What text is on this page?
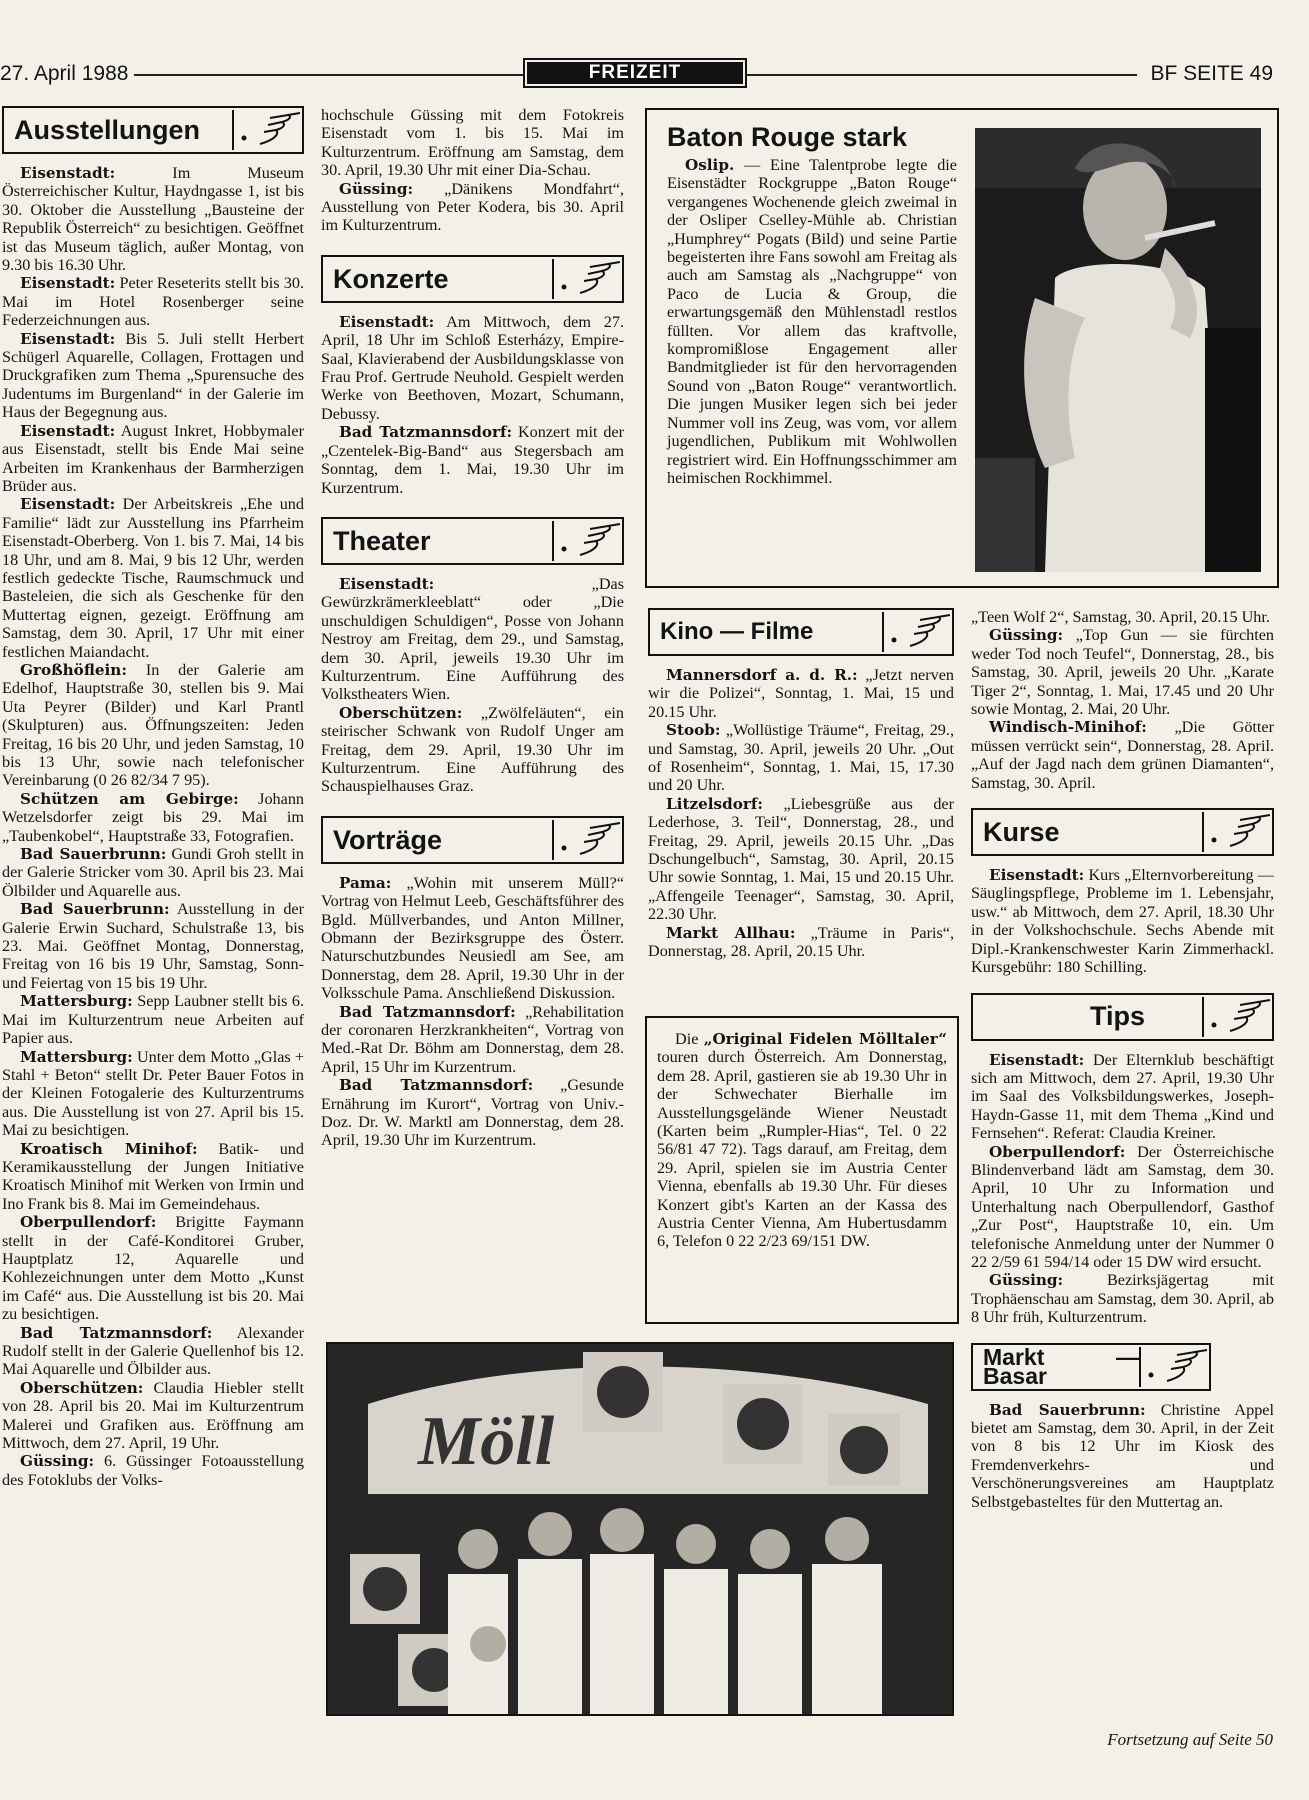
27. April 1988	FREIZEIT	BF SEITE 49
Ausstellungen

Eisenstadt: Im Museum Österreichischer Kultur, Haydngasse 1, ist bis 30. Oktober die Ausstellung „Bausteine der Republik Österreich“ zu besichtigen. Geöffnet ist das Museum täglich, außer Montag, von 9.30 bis 16.30 Uhr.

Eisenstadt: Peter Reseterits stellt bis 30. Mai im Hotel Rosenberger seine Federzeichnungen aus.

Eisenstadt: Bis 5. Juli stellt Herbert Schügerl Aquarelle, Collagen, Frottagen und Druckgrafiken zum Thema „Spurensuche des Judentums im Burgenland“ in der Galerie im Haus der Begegnung aus.

Eisenstadt: August Inkret, Hobbymaler aus Eisenstadt, stellt bis Ende Mai seine Arbeiten im Krankenhaus der Barmherzigen Brüder aus.

Eisenstadt: Der Arbeitskreis „Ehe und Familie“ lädt zur Ausstellung ins Pfarrheim Eisenstadt-Oberberg. Von 1. bis 7. Mai, 14 bis 18 Uhr, und am 8. Mai, 9 bis 12 Uhr, werden festlich gedeckte Tische, Raumschmuck und Basteleien, die sich als Geschenke für den Muttertag eignen, gezeigt. Eröffnung am Samstag, dem 30. April, 17 Uhr mit einer festlichen Maiandacht.

Großhöflein: In der Galerie am Edelhof, Hauptstraße 30, stellen bis 9. Mai Uta Peyrer (Bilder) und Karl Prantl (Skulpturen) aus. Öffnungszeiten: Jeden Freitag, 16 bis 20 Uhr, und jeden Samstag, 10 bis 13 Uhr, sowie nach telefonischer Vereinbarung (0 26 82/34 7 95).

Schützen am Gebirge: Johann Wetzelsdorfer zeigt bis 29. Mai im „Taubenkobel“, Hauptstraße 33, Fotografien.

Bad Sauerbrunn: Gundi Groh stellt in der Galerie Stricker vom 30. April bis 23. Mai Ölbilder und Aquarelle aus.

Bad Sauerbrunn: Ausstellung in der Galerie Erwin Suchard, Schulstraße 13, bis 23. Mai. Geöffnet Montag, Donnerstag, Freitag von 16 bis 19 Uhr, Samstag, Sonn- und Feiertag von 15 bis 19 Uhr.

Mattersburg: Sepp Laubner stellt bis 6. Mai im Kulturzentrum neue Arbeiten auf Papier aus.

Mattersburg: Unter dem Motto „Glas + Stahl + Beton“ stellt Dr. Peter Bauer Fotos in der Kleinen Fotogalerie des Kulturzentrums aus. Die Ausstellung ist von 27. April bis 15. Mai zu besichtigen.

Kroatisch Minihof: Batik- und Keramikausstellung der Jungen Initiative Kroatisch Minihof mit Werken von Irmin und Ino Frank bis 8. Mai im Gemeindehaus.

Oberpullendorf: Brigitte Faymann stellt in der Café-Konditorei Gruber, Hauptplatz 12, Aquarelle und Kohlezeichnungen unter dem Motto „Kunst im Café“ aus. Die Ausstellung ist bis 20. Mai zu besichtigen.

Bad Tatzmannsdorf: Alexander Rudolf stellt in der Galerie Quellenhof bis 12. Mai Aquarelle und Ölbilder aus.

Oberschützen: Claudia Hiebler stellt von 28. April bis 20. Mai im Kulturzentrum Malerei und Grafiken aus. Eröffnung am Mittwoch, dem 27. April, 19 Uhr.

Güssing: 6. Güssinger Fotoausstellung des Fotoklubs der Volks-

hochschule Güssing mit dem Fotokreis Eisenstadt vom 1. bis 15. Mai im Kulturzentrum. Eröffnung am Samstag, dem 30. April, 19.30 Uhr mit einer Dia-Schau.

Güssing: „Dänikens Mondfahrt“, Ausstellung von Peter Kodera, bis 30. April im Kulturzentrum.

Konzerte

Eisenstadt: Am Mittwoch, dem 27. April, 18 Uhr im Schloß Esterházy, Empire-Saal, Klavierabend der Ausbildungsklasse von Frau Prof. Gertrude Neuhold. Gespielt werden Werke von Beethoven, Mozart, Schumann, Debussy.

Bad Tatzmannsdorf: Konzert mit der „Czentelek-Big-Band“ aus Stegersbach am Sonntag, dem 1. Mai, 19.30 Uhr im Kurzentrum.

Theater

Eisenstadt: „Das Gewürzkrämerkleeblatt“ oder „Die unschuldigen Schuldigen“, Posse von Johann Nestroy am Freitag, dem 29., und Samstag, dem 30. April, jeweils 19.30 Uhr im Kulturzentrum. Eine Aufführung des Volkstheaters Wien.

Oberschützen: „Zwölfeläuten“, ein steirischer Schwank von Rudolf Unger am Freitag, dem 29. April, 19.30 Uhr im Kulturzentrum. Eine Aufführung des Schauspielhauses Graz.

Vorträge

Pama: „Wohin mit unserem Müll?“ Vortrag von Helmut Leeb, Geschäftsführer des Bgld. Müllverbandes, und Anton Millner, Obmann der Bezirksgruppe des Österr. Naturschutzbundes Neusiedl am See, am Donnerstag, dem 28. April, 19.30 Uhr in der Volksschule Pama. Anschließend Diskussion.

Bad Tatzmannsdorf: „Rehabilitation der coronaren Herzkrankheiten“, Vortrag von Med.-Rat Dr. Böhm am Donnerstag, dem 28. April, 15 Uhr im Kurzentrum.

Bad Tatzmannsdorf: „Gesunde Ernährung im Kurort“, Vortrag von Univ.-Doz. Dr. W. Marktl am Donnerstag, dem 28. April, 19.30 Uhr im Kurzentrum.

Baton Rouge stark

Oslip. — Eine Talentprobe legte die Eisenstädter Rockgruppe „Baton Rouge“ vergangenes Wochenende gleich zweimal in der Osliper Cselley-Mühle ab. Christian „Humphrey“ Pogats (Bild) und seine Partie begeisterten ihre Fans sowohl am Freitag als auch am Samstag als „Nachgruppe“ von Paco de Lucia & Group, die erwartungsgemäß den Mühlenstadl restlos füllten. Vor allem das kraftvolle, kompromißlose Engagement aller Bandmitglieder ist für den hervorragenden Sound von „Baton Rouge“ verantwortlich. Die jungen Musiker legen sich bei jeder Nummer voll ins Zeug, was vom, vor allem jugendlichen, Publikum mit Wohlwollen registriert wird. Ein Hoffnungsschimmer am heimischen Rockhimmel.

Kino — Filme

Mannersdorf a. d. R.: „Jetzt nerven wir die Polizei“, Sonntag, 1. Mai, 15 und 20.15 Uhr.

Stoob: „Wollüstige Träume“, Freitag, 29., und Samstag, 30. April, jeweils 20 Uhr. „Out of Rosenheim“, Sonntag, 1. Mai, 15, 17.30 und 20 Uhr.

Litzelsdorf: „Liebesgrüße aus der Lederhose, 3. Teil“, Donnerstag, 28., und Freitag, 29. April, jeweils 20.15 Uhr. „Das Dschungelbuch“, Samstag, 30. April, 20.15 Uhr sowie Sonntag, 1. Mai, 15 und 20.15 Uhr. „Affengeile Teenager“, Samstag, 30. April, 22.30 Uhr.

Markt Allhau: „Träume in Paris“, Donnerstag, 28. April, 20.15 Uhr.

Die „Original Fidelen Mölltaler“ touren durch Österreich. Am Donnerstag, dem 28. April, gastieren sie ab 19.30 Uhr in der Schwechater Bierhalle im Ausstellungsgelände Wiener Neustadt (Karten beim „Rumpler-Hias“, Tel. 0 22 56/81 47 72). Tags darauf, am Freitag, dem 29. April, spielen sie im Austria Center Vienna, ebenfalls ab 19.30 Uhr. Für dieses Konzert gibt's Karten an der Kassa des Austria Center Vienna, Am Hubertusdamm 6, Telefon 0 22 2/23 69/151 DW.

Möll

„Teen Wolf 2“, Samstag, 30. April, 20.15 Uhr.

Güssing: „Top Gun — sie fürchten weder Tod noch Teufel“, Donnerstag, 28., bis Samstag, 30. April, jeweils 20 Uhr. „Karate Tiger 2“, Sonntag, 1. Mai, 17.45 und 20 Uhr sowie Montag, 2. Mai, 20 Uhr.

Windisch-Minihof: „Die Götter müssen verrückt sein“, Donnerstag, 28. April. „Auf der Jagd nach dem grünen Diamanten“, Samstag, 30. April.

Kurse

Eisenstadt: Kurs „Elternvorbereitung — Säuglingspflege, Probleme im 1. Lebensjahr, usw.“ ab Mittwoch, dem 27. April, 18.30 Uhr in der Volkshochschule. Sechs Abende mit Dipl.-Krankenschwester Karin Zimmerhackl. Kursgebühr: 180 Schilling.

Tips

Eisenstadt: Der Elternklub beschäftigt sich am Mittwoch, dem 27. April, 19.30 Uhr im Saal des Volksbildungswerkes, Joseph-Haydn-Gasse 11, mit dem Thema „Kind und Fernsehen“. Referat: Claudia Kreiner.

Oberpullendorf: Der Österreichische Blindenverband lädt am Samstag, dem 30. April, 10 Uhr zu Information und Unterhaltung nach Oberpullendorf, Gasthof „Zur Post“, Hauptstraße 10, ein. Um telefonische Anmeldung unter der Nummer 0 22 2/59 61 594/14 oder 15 DW wird ersucht.

Güssing: Bezirksjägertag mit Trophäenschau am Samstag, dem 30. April, ab 8 Uhr früh, Kulturzentrum.

Markt — Basar

Bad Sauerbrunn: Christine Appel bietet am Samstag, dem 30. April, in der Zeit von 8 bis 12 Uhr im Kiosk des Fremdenverkehrs- und Verschönerungsvereines am Hauptplatz Selbstgebasteltes für den Muttertag an.

Fortsetzung auf Seite 50
